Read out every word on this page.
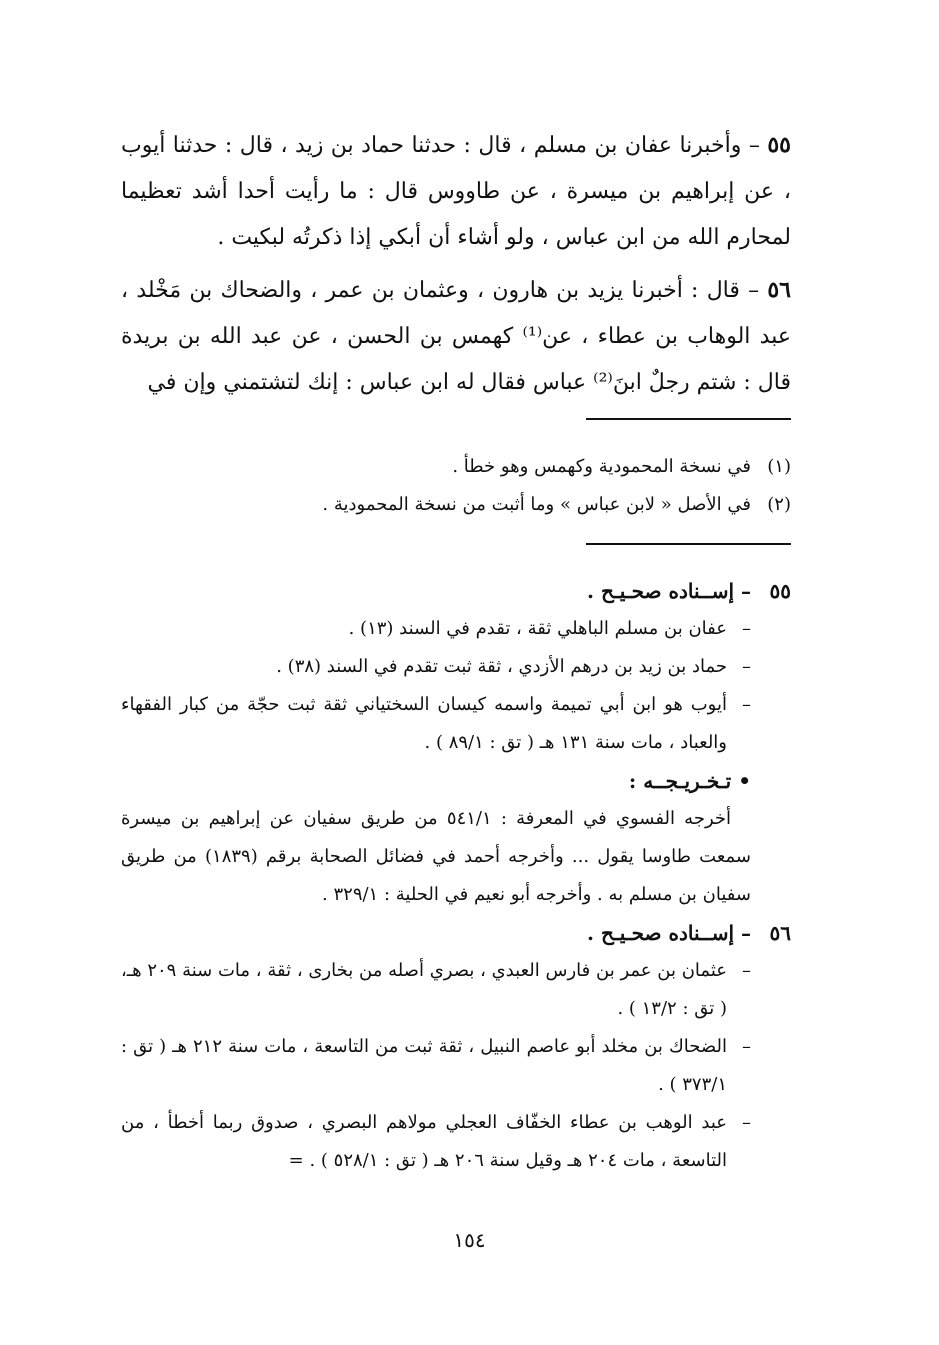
٥٥ – وأخبرنا عفان بن مسلم ، قال : حدثنا حماد بن زيد ، قال : حدثنا أيوب ، عن إبراهيم بن ميسرة ، عن طاووس قال : ما رأيت أحدا أشد تعظيما لمحارم الله من ابن عباس ، ولو أشاء أن أبكي إذا ذكرتُه لبكيت .

٥٦ – قال : أخبرنا يزيد بن هارون ، وعثمان بن عمر ، والضحاك بن مَخْلد ، عبد الوهاب بن عطاء ، عن⁽¹⁾ كهمس بن الحسن ، عن عبد الله بن بريدة قال : شتم رجلٌ ابنَ⁽²⁾ عباس فقال له ابن عباس : إنك لتشتمني وإن في

(١)
في نسخة المحمودية وكهمس وهو خطأ .
(٢)
في الأصل « لابن عباس » وما أثبت من نسخة المحمودية .
٥٥
– إســناده صحـيـح .
–
عفان بن مسلم الباهلي ثقة ، تقدم في السند (١٣) .
–
حماد بن زيد بن درهم الأزدي ، ثقة ثبت تقدم في السند (٣٨) .
–
أيوب هو ابن أبي تميمة واسمه كيسان السختياني ثقة ثبت حجّة من كبار الفقهاء والعباد ، مات سنة ١٣١ هـ ( تق : ٨٩/١ ) .
• تـخـريـجــه :

أخرجه الفسوي في المعرفة : ٥٤١/١ من طريق سفيان عن إبراهيم بن ميسرة سمعت طاوسا يقول ... وأخرجه أحمد في فضائل الصحابة برقم (١٨٣٩) من طريق سفيان بن مسلم به . وأخرجه أبو نعيم في الحلية : ٣٢٩/١ .

٥٦
– إســناده صحـيـح .
–
عثمان بن عمر بن فارس العبدي ، بصري أصله من بخارى ، ثقة ، مات سنة ٢٠٩ هـ، ( تق : ١٣/٢ ) .
–
الضحاك بن مخلد أبو عاصم النبيل ، ثقة ثبت من التاسعة ، مات سنة ٢١٢ هـ ( تق : ٣٧٣/١ ) .
–
عبد الوهب بن عطاء الخفّاف العجلي مولاهم البصري ، صدوق ربما أخطأ ، من التاسعة ، مات ٢٠٤ هـ وقيل سنة ٢٠٦ هـ ( تق : ٥٢٨/١ ) . =
١٥٤
